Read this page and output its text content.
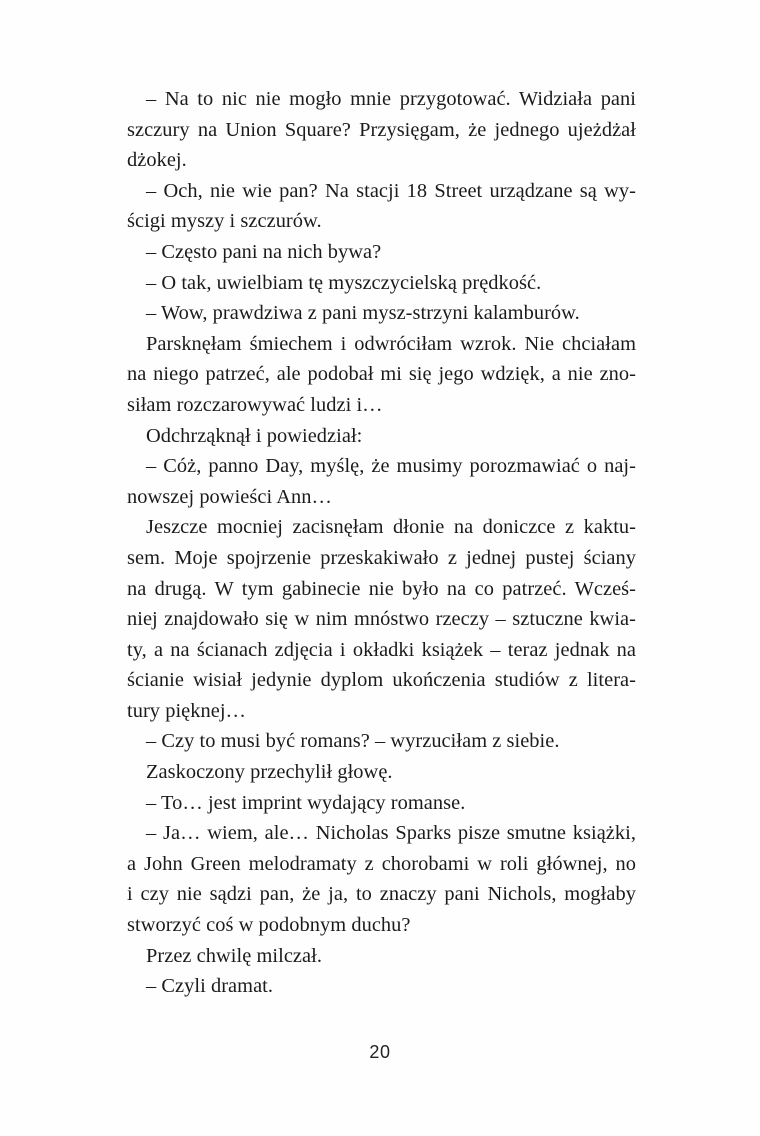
– Na to nic nie mogło mnie przygotować. Widziała pani
szczury na Union Square? Przysięgam, że jednego ujeżdżał
dżokej.
– Och, nie wie pan? Na stacji 18 Street urządzane są wy-
ścigi myszy i szczurów.
– Często pani na nich bywa?
– O tak, uwielbiam tę myszczycielską prędkość.
– Wow, prawdziwa z pani mysz-strzyni kalamburów.
Parsknęłam śmiechem i odwróciłam wzrok. Nie chciałam
na niego patrzeć, ale podobał mi się jego wdzięk, a nie zno-
siłam rozczarowywać ludzi i…
Odchrząknął i powiedział:
– Cóż, panno Day, myślę, że musimy porozmawiać o naj-
nowszej powieści Ann…
Jeszcze mocniej zacisnęłam dłonie na doniczce z kaktu-
sem. Moje spojrzenie przeskakiwało z jednej pustej ściany
na drugą. W tym gabinecie nie było na co patrzeć. Wcześ-
niej znajdowało się w nim mnóstwo rzeczy – sztuczne kwia-
ty, a na ścianach zdjęcia i okładki książek – teraz jednak na
ścianie wisiał jedynie dyplom ukończenia studiów z litera-
tury pięknej…
– Czy to musi być romans? – wyrzuciłam z siebie.
Zaskoczony przechylił głowę.
– To… jest imprint wydający romanse.
– Ja… wiem, ale… Nicholas Sparks pisze smutne książki,
a John Green melodramaty z chorobami w roli głównej, no
i czy nie sądzi pan, że ja, to znaczy pani Nichols, mogłaby
stworzyć coś w podobnym duchu?
Przez chwilę milczał.
– Czyli dramat.
20
